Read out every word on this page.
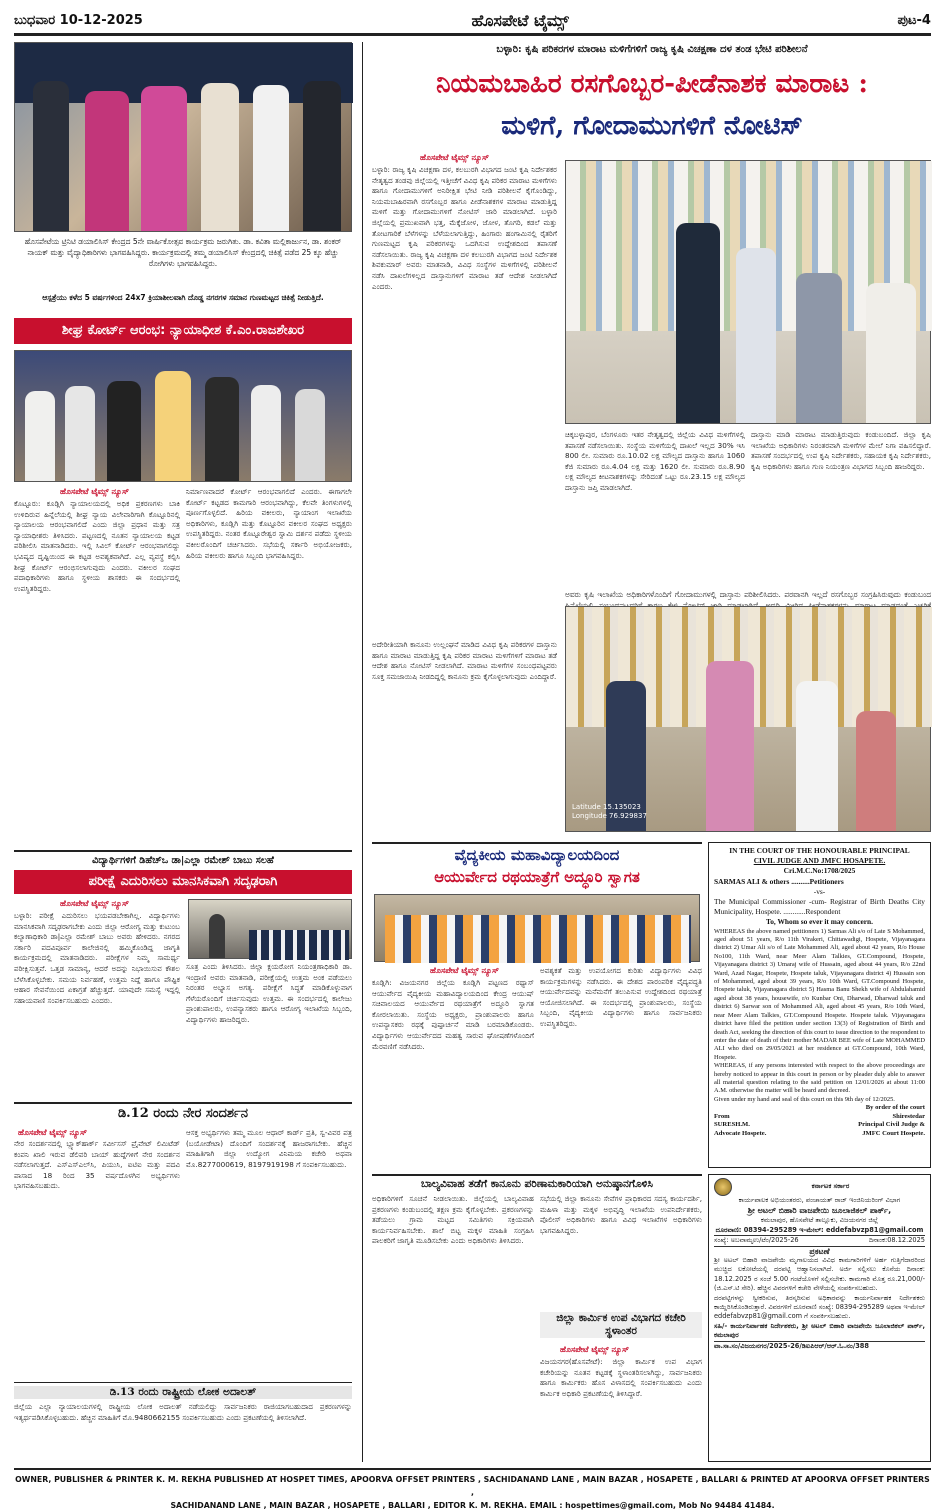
ಬುಧವಾರ 10-12-2025	ಹೊಸಪೇಟೆ ಟೈಮ್ಸ್	ಪುಟ-4
ಹೊಸಪೇಟೆಯ ಟ್ರಿನಿಟಿ ಡಯಾಲಿಸಿಸ್ ಕೇಂದ್ರದ 5ನೇ ವಾರ್ಷಿಕೋತ್ಸವ ಕಾರ್ಯಕ್ರಮ ಜರುಗಿತು. ಡಾ. ಕವಿತಾ ಮಲ್ಲಿಕಾರ್ಜುನ, ಡಾ. ಶಂಕರ್ ನಾಯಕ್ ಮತ್ತು ವೈದ್ಯಾಧಿಕಾರಿಗಳು ಭಾಗವಹಿಸಿದ್ದರು. ಕಾರ್ಯಕ್ರಮದಲ್ಲಿ ತಮ್ಮ ಡಯಾಲಿಸಿಸ್ ಕೇಂದ್ರದಲ್ಲಿ ಚಿಕಿತ್ಸೆ ಪಡೆದ 25 ಕ್ಕೂ ಹೆಚ್ಚು ರೋಗಿಗಳು ಭಾಗವಹಿಸಿದ್ದರು.
ಆಸ್ಪತ್ರೆಯು ಕಳೆದ 5 ವರ್ಷಗಳಿಂದ 24x7 ಕ್ರಿಯಾಶೀಲವಾಗಿ ದೊಡ್ಡ ನಗರಗಳ ಸಮಾನ ಗುಣಮಟ್ಟದ ಚಿಕಿತ್ಸೆ ನೀಡುತ್ತಿದೆ.
ಶೀಘ್ರ ಕೋರ್ಟ್ ಆರಂಭ: ನ್ಯಾಯಾಧೀಶ ಕೆ.ಎಂ.ರಾಜಶೇಖರ
ಹೊಸಪೇಟೆ ಟೈಮ್ಸ್ ನ್ಯೂಸ್
ಕೊಟ್ಟೂರು: ಕೂಡ್ಲಿಗಿ ನ್ಯಾಯಾಲಯದಲ್ಲಿ ಅಧಿಕ ಪ್ರಕರಣಗಳು ಬಾಕಿ ಉಳಿದಿರುವ ಹಿನ್ನೆಲೆಯಲ್ಲಿ ಶೀಘ್ರ ನ್ಯಾಯ ವಿಲೇವಾರಿಗಾಗಿ ಕೊಟ್ಟೂರಿನಲ್ಲಿ ನ್ಯಾಯಾಲಯ ಆರಂಭವಾಗಲಿದೆ ಎಂದು ಜಿಲ್ಲಾ ಪ್ರಧಾನ ಮತ್ತು ಸತ್ರ ನ್ಯಾಯಾಧೀಶರು ತಿಳಿಸಿದರು. ಪಟ್ಟಣದಲ್ಲಿ ನೂತನ ನ್ಯಾಯಾಲಯ ಕಟ್ಟಡ ಪರಿಶೀಲಿಸಿ ಮಾತನಾಡಿದರು. ಇಲ್ಲಿ ಸಿವಿಲ್ ಕೋರ್ಟ್ ಆರಂಭವಾಗಲಿದ್ದು ಭವಿಷ್ಯದ ದೃಷ್ಟಿಯಿಂದ ಈ ಕಟ್ಟಡ ಅವಶ್ಯಕವಾಗಿದೆ. ಎಲ್ಲ ವ್ಯವಸ್ಥೆ ಕಲ್ಪಿಸಿ ಶೀಘ್ರ ಕೋರ್ಟ್ ಆರಂಭಿಸಲಾಗುವುದು ಎಂದರು. ವಕೀಲರ ಸಂಘದ ಪದಾಧಿಕಾರಿಗಳು ಹಾಗೂ ಸ್ಥಳೀಯ ಶಾಸಕರು ಈ ಸಂದರ್ಭದಲ್ಲಿ ಉಪಸ್ಥಿತರಿದ್ದರು.
ನಿರ್ಮಾಣವಾದರೆ ಕೋರ್ಟ್ ಆರಂಭವಾಗಲಿದೆ ಎಂದರು. ಈಗಾಗಲೇ ಕೋರ್ಟ್ ಕಟ್ಟಡದ ಕಾಮಗಾರಿ ಆರಂಭವಾಗಿದ್ದು, ಕೆಲವೇ ತಿಂಗಳುಗಳಲ್ಲಿ ಪೂರ್ಣಗೊಳ್ಳಲಿದೆ. ಹಿರಿಯ ವಕೀಲರು, ನ್ಯಾಯಾಂಗ ಇಲಾಖೆಯ ಅಧಿಕಾರಿಗಳು, ಕೂಡ್ಲಿಗಿ ಮತ್ತು ಕೊಟ್ಟೂರಿನ ವಕೀಲರ ಸಂಘದ ಅಧ್ಯಕ್ಷರು ಉಪಸ್ಥಿತರಿದ್ದರು. ನಂತರ ಕೊಟ್ಟೂರೇಶ್ವರ ಸ್ವಾಮಿ ದರ್ಶನ ಪಡೆದು ಸ್ಥಳೀಯ ವಕೀಲರೊಂದಿಗೆ ಚರ್ಚಿಸಿದರು. ಸಭೆಯಲ್ಲಿ ಸರ್ಕಾರಿ ಅಭಿಯೋಜಕರು, ಹಿರಿಯ ವಕೀಲರು ಹಾಗೂ ಸಿಬ್ಬಂದಿ ಭಾಗವಹಿಸಿದ್ದರು.
ವಿದ್ಯಾರ್ಥಿಗಳಿಗೆ ಡಿಹೆಚ್‌ಒ ಡಾ|ಎಲ್ಲಾ ರಮೇಶ್ ಬಾಬು ಸಲಹೆ
ಪರೀಕ್ಷೆ ಎದುರಿಸಲು ಮಾನಸಿಕವಾಗಿ ಸದೃಢರಾಗಿ
ಹೊಸಪೇಟೆ ಟೈಮ್ಸ್ ನ್ಯೂಸ್
ಬಳ್ಳಾರಿ: ಪರೀಕ್ಷೆ ಎದುರಿಸಲು ಭಯಪಡಬೇಕಾಗಿಲ್ಲ. ವಿದ್ಯಾರ್ಥಿಗಳು ಮಾನಸಿಕವಾಗಿ ಸದೃಢರಾಗಬೇಕು ಎಂದು ಜಿಲ್ಲಾ ಆರೋಗ್ಯ ಮತ್ತು ಕುಟುಂಬ ಕಲ್ಯಾಣಾಧಿಕಾರಿ ಡಾ|ಎಲ್ಲಾ ರಮೇಶ್ ಬಾಬು ಅವರು ಹೇಳಿದರು. ನಗರದ ಸರ್ಕಾರಿ ಪದವಿಪೂರ್ವ ಕಾಲೇಜಿನಲ್ಲಿ ಹಮ್ಮಿಕೊಂಡಿದ್ದ ಜಾಗೃತಿ ಕಾರ್ಯಕ್ರಮದಲ್ಲಿ ಮಾತನಾಡಿದರು. ಪರೀಕ್ಷೆಗಳ ನಿಮ್ಮ ಸಾಮರ್ಥ್ಯ ಪರೀಕ್ಷಿಸುತ್ತವೆ. ಒತ್ತಡ ಸಾಮಾನ್ಯ, ಆದರೆ ಅದನ್ನು ನಿಭಾಯಿಸುವ ಕೌಶಲ ಬೆಳೆಸಿಕೊಳ್ಳಬೇಕು. ಸಮಯ ನಿರ್ವಹಣೆ, ಉತ್ತಮ ನಿದ್ದೆ ಹಾಗೂ ಪೌಷ್ಟಿಕ ಆಹಾರ ಸೇವನೆಯಿಂದ ಏಕಾಗ್ರತೆ ಹೆಚ್ಚುತ್ತದೆ. ಯಾವುದೇ ಸಮಸ್ಯೆ ಇದ್ದಲ್ಲಿ ಸಹಾಯವಾಣಿ ಸಂಪರ್ಕಿಸಬಹುದು ಎಂದರು.
ಸೂತ್ರ ಎಂದು ತಿಳಿಸಿದರು. ಜಿಲ್ಲಾ ಕ್ಷಯರೋಗ ನಿಯಂತ್ರಣಾಧಿಕಾರಿ ಡಾ. ಇಂದ್ರಾಣಿ ಅವರು ಮಾತನಾಡಿ, ಪರೀಕ್ಷೆಯಲ್ಲಿ ಉತ್ತಮ ಅಂಕ ಪಡೆಯಲು ನಿರಂತರ ಅಭ್ಯಾಸ ಅಗತ್ಯ. ಪರೀಕ್ಷೆಗೆ ಸಿದ್ಧತೆ ಮಾಡಿಕೊಳ್ಳುವಾಗ ಗೆಳೆಯರೊಂದಿಗೆ ಚರ್ಚಿಸುವುದು ಉತ್ತಮ. ಈ ಸಂದರ್ಭದಲ್ಲಿ ಕಾಲೇಜು ಪ್ರಾಂಶುಪಾಲರು, ಉಪನ್ಯಾಸಕರು ಹಾಗೂ ಆರೋಗ್ಯ ಇಲಾಖೆಯ ಸಿಬ್ಬಂದಿ, ವಿದ್ಯಾರ್ಥಿಗಳು ಹಾಜರಿದ್ದರು.
ಡಿ.12 ರಂದು ನೇರ ಸಂದರ್ಶನ
ಹೊಸಪೇಟೆ ಟೈಮ್ಸ್ ನ್ಯೂಸ್
ನೇರ ಸಂದರ್ಶನದಲ್ಲಿ ಬ್ಲ್ಯಾಕ್‌ಹಾರ್ಕ್ ಸರ್ವೀಸಸ್ ಪ್ರೈವೇಟ್ ಲಿಮಿಟೆಡ್ ಕಂಪನಿ ಖಾಲಿ ಇರುವ ಡೆಲಿವರಿ ಬಾಯ್ ಹುದ್ದೆಗಳಿಗೆ ನೇರ ಸಂದರ್ಶನ ನಡೆಸಲಾಗುತ್ತದೆ. ಎಸ್‌ಎಸ್‌ಎಲ್‌ಸಿ, ಪಿಯುಸಿ, ಐಟಿಐ ಮತ್ತು ಪದವಿ ಪಾಸಾದ 18 ರಿಂದ 35 ವರ್ಷದೊಳಗಿನ ಅಭ್ಯರ್ಥಿಗಳು ಭಾಗವಹಿಸಬಹುದು.
ಆಸಕ್ತ ಅಭ್ಯರ್ಥಿಗಳು ತಮ್ಮ ಮೂಲ ಆಧಾರ್ ಕಾರ್ಡ್ ಪ್ರತಿ, ಸ್ವ-ವಿವರ ಪತ್ರ (ಬಯೋಡೇಟಾ) ದೊಂದಿಗೆ ಸಂದರ್ಶನಕ್ಕೆ ಹಾಜರಾಗಬೇಕು. ಹೆಚ್ಚಿನ ಮಾಹಿತಿಗಾಗಿ ಜಿಲ್ಲಾ ಉದ್ಯೋಗ ವಿನಿಮಯ ಕಚೇರಿ ಅಥವಾ ಮೊ.8277000619, 8197919198 ಗೆ ಸಂಪರ್ಕಿಸಬಹುದು.
ಡಿ.13 ರಂದು ರಾಷ್ಟ್ರೀಯ ಲೋಕ ಅದಾಲತ್
ಜಿಲ್ಲೆಯ ಎಲ್ಲಾ ನ್ಯಾಯಾಲಯಗಳಲ್ಲಿ ರಾಷ್ಟ್ರೀಯ ಲೋಕ ಅದಾಲತ್ ನಡೆಯಲಿದ್ದು ಸಾರ್ವಜನಿಕರು ರಾಜಿಯಾಗಬಹುದಾದ ಪ್ರಕರಣಗಳನ್ನು ಇತ್ಯರ್ಥಪಡಿಸಿಕೊಳ್ಳಬಹುದು. ಹೆಚ್ಚಿನ ಮಾಹಿತಿಗೆ ಮೊ.9480662155 ಸಂಪರ್ಕಿಸಬಹುದು ಎಂದು ಪ್ರಕಟಣೆಯಲ್ಲಿ ತಿಳಿಸಲಾಗಿದೆ.
ಬಳ್ಳಾರಿ: ಕೃಷಿ ಪರಿಕರಗಳ ಮಾರಾಟ ಮಳಿಗೆಗಳಿಗೆ ರಾಜ್ಯ ಕೃಷಿ ವಿಚಕ್ಷಣಾ ದಳ ತಂಡ ಭೇಟಿ ಪರಿಶೀಲನೆ
ನಿಯಮಬಾಹಿರ ರಸಗೊಬ್ಬರ-ಪೀಡೆನಾಶಕ ಮಾರಾಟ :
ಮಳಿಗೆ, ಗೋದಾಮುಗಳಿಗೆ ನೋಟಿಸ್
ಹೊಸಪೇಟೆ ಟೈಮ್ಸ್ ನ್ಯೂಸ್
ಬಳ್ಳಾರಿ: ರಾಜ್ಯ ಕೃಷಿ ವಿಚಕ್ಷಣಾ ದಳ, ಕಲಬುರಗಿ ವಿಭಾಗದ ಜಂಟಿ ಕೃಷಿ ನಿರ್ದೇಶಕರ ನೇತೃತ್ವದ ತಂಡವು ಜಿಲ್ಲೆಯಲ್ಲಿ ಇತ್ತೀಚೆಗೆ ವಿವಿಧ ಕೃಷಿ ಪರಿಕರ ಮಾರಾಟ ಮಳಿಗೆಗಳು ಹಾಗೂ ಗೋದಾಮುಗಳಿಗೆ ಅನಿರೀಕ್ಷಿತ ಭೇಟಿ ನೀಡಿ ಪರಿಶೀಲನೆ ಕೈಗೊಂಡಿದ್ದು, ನಿಯಮಬಾಹಿರವಾಗಿ ರಸಗೊಬ್ಬರ ಹಾಗೂ ಪೀಡೆನಾಶಕಗಳ ಮಾರಾಟ ಮಾಡುತ್ತಿದ್ದ ಮಳಿಗೆ ಮತ್ತು ಗೋದಾಮುಗಳಿಗೆ ನೋಟಿಸ್ ಜಾರಿ ಮಾಡಲಾಗಿದೆ. ಬಳ್ಳಾರಿ ಜಿಲ್ಲೆಯಲ್ಲಿ ಪ್ರಮುಖವಾಗಿ ಭತ್ತ, ಮೆಕ್ಕೆಜೋಳ, ಜೋಳ, ತೊಗರಿ, ಕಡಲೆ ಮತ್ತು ತೋಟಗಾರಿಕೆ ಬೆಳೆಗಳನ್ನು ಬೆಳೆಯಲಾಗುತ್ತಿದ್ದು, ಹಿಂಗಾರು ಹಂಗಾಮಿನಲ್ಲಿ ರೈತರಿಗೆ ಗುಣಮಟ್ಟದ ಕೃಷಿ ಪರಿಕರಗಳನ್ನು ಒದಗಿಸುವ ಉದ್ದೇಶದಿಂದ ತಪಾಸಣೆ ನಡೆಸಲಾಯಿತು. ರಾಜ್ಯ ಕೃಷಿ ವಿಚಕ್ಷಣಾ ದಳ ಕಲಬುರಗಿ ವಿಭಾಗದ ಜಂಟಿ ನಿರ್ದೇಶಕ ಶಿವಕುಮಾರ್ ಅವರು ಮಾತನಾಡಿ, ವಿವಿಧ ಸಂಸ್ಥೆಗಳ ಮಳಿಗೆಗಳಲ್ಲಿ ಪರಿಶೀಲನೆ ನಡೆಸಿ ದಾಖಲೆಗಳಿಲ್ಲದ ದಾಸ್ತಾನುಗಳಿಗೆ ಮಾರಾಟ ತಡೆ ಆದೇಶ ನೀಡಲಾಗಿದೆ ಎಂದರು.
ಚಿಕ್ಕಬಳ್ಳಾಪುರ, ಬೆಂಗಳೂರು ಇತರ ನೇತೃತ್ವದಲ್ಲಿ ಜಿಲ್ಲೆಯ ವಿವಿಧ ಮಳಿಗೆಗಳಲ್ಲಿ ತಪಾಸಣೆ ನಡೆಸಲಾಯಿತು. ಸಂಸ್ಥೆಯ ಮಳಿಗೆಯಲ್ಲಿ ದಾಖಲೆ ಇಲ್ಲದ 30% ಇಸಿ 800 ಲೀ. ಸುಮಾರು ರೂ.10.02 ಲಕ್ಷ ಮೌಲ್ಯದ ದಾಸ್ತಾನು ಹಾಗೂ 1060 ಕೆಜಿ ಸುಮಾರು ರೂ.4.04 ಲಕ್ಷ ಮತ್ತು 1620 ಲೀ. ಸುಮಾರು ರೂ.8.90 ಲಕ್ಷ ಮೌಲ್ಯದ ಕೀಟನಾಶಕಗಳನ್ನು ಸೇರಿದಂತೆ ಒಟ್ಟು ರೂ.23.15 ಲಕ್ಷ ಮೌಲ್ಯದ ದಾಸ್ತಾನು ಜಪ್ತಿ ಮಾಡಲಾಗಿದೆ.
ದಾಸ್ತಾನು ಮಾಡಿ ಮಾರಾಟ ಮಾಡುತ್ತಿರುವುದು ಕಂಡುಬಂದಿದೆ. ಜಿಲ್ಲಾ ಕೃಷಿ ಇಲಾಖೆಯ ಅಧಿಕಾರಿಗಳು ನಿರಂತರವಾಗಿ ಮಳಿಗೆಗಳ ಮೇಲೆ ನಿಗಾ ವಹಿಸಲಿದ್ದಾರೆ. ತಪಾಸಣೆ ಸಂದರ್ಭದಲ್ಲಿ ಉಪ ಕೃಷಿ ನಿರ್ದೇಶಕರು, ಸಹಾಯಕ ಕೃಷಿ ನಿರ್ದೇಶಕರು, ಕೃಷಿ ಅಧಿಕಾರಿಗಳು ಹಾಗೂ ಗುಣ ನಿಯಂತ್ರಣ ವಿಭಾಗದ ಸಿಬ್ಬಂದಿ ಹಾಜರಿದ್ದರು.
ಅವರು ಕೃಷಿ ಇಲಾಖೆಯ ಅಧಿಕಾರಿಗಳೊಂದಿಗೆ ಗೋದಾಮುಗಳಲ್ಲಿ ದಾಸ್ತಾನು ಪರಿಶೀಲಿಸಿದರು. ಪರವಾನಗಿ ಇಲ್ಲದೆ ರಸಗೊಬ್ಬರ ಸಂಗ್ರಹಿಸಿರುವುದು ಕಂಡುಬಂದ
Latitude 15.135023 Longitude 76.929837
ಅದೇರೀತಿಯಾಗಿ ಕಾನೂನು ಉಲ್ಲಂಘನೆ ಮಾಡಿದ ವಿವಿಧ ಕೃಷಿ ಪರಿಕರಗಳ ದಾಸ್ತಾನು ಹಾಗೂ ಮಾರಾಟ ಮಾಡುತ್ತಿದ್ದ ಕೃಷಿ ಪರಿಕರ ಮಾರಾಟ ಮಳಿಗೆಗಳಿಗೆ ಮಾರಾಟ ತಡೆ ಆದೇಶ ಹಾಗೂ ನೋಟಿಸ್ ನೀಡಲಾಗಿದೆ. ಮಾರಾಟ ಮಳಿಗೆಗಳ ಸಂಬಂಧಪಟ್ಟವರು ಸೂಕ್ತ ಸಮಜಾಯಿಷಿ ನೀಡದಿದ್ದಲ್ಲಿ ಕಾನೂನು ಕ್ರಮ ಕೈಗೊಳ್ಳಲಾಗುವುದು ಎಂದಿದ್ದಾರೆ.
ವೈದ್ಯಕೀಯ ಮಹಾವಿದ್ಯಾಲಯದಿಂದ
ಆಯುರ್ವೇದ ರಥಯಾತ್ರೆಗೆ ಅದ್ಧೂರಿ ಸ್ವಾಗತ
ಹೊಸಪೇಟೆ ಟೈಮ್ಸ್ ನ್ಯೂಸ್
ಕೂಡ್ಲಿಗಿ: ವಿಜಯನಗರ ಜಿಲ್ಲೆಯ ಕೂಡ್ಲಿಗಿ ಪಟ್ಟಣದ ರಥ್ಯಾಸ್ ಆಯುರ್ವೇದ ವೈದ್ಯಕೀಯ ಮಹಾವಿದ್ಯಾಲಯದಿಂದ ಕೇಂದ್ರ ಆಯುಷ್ ಸಚಿವಾಲಯದ ಆಯುರ್ವೇದ ರಥಯಾತ್ರೆಗೆ ಅದ್ಧೂರಿ ಸ್ವಾಗತ ಕೋರಲಾಯಿತು. ಸಂಸ್ಥೆಯ ಅಧ್ಯಕ್ಷರು, ಪ್ರಾಂಶುಪಾಲರು ಹಾಗೂ ಉಪನ್ಯಾಸಕರು ರಥಕ್ಕೆ ಪುಷ್ಪಾರ್ಚನೆ ಮಾಡಿ ಬರಮಾಡಿಕೊಂಡರು. ವಿದ್ಯಾರ್ಥಿಗಳು ಆಯುರ್ವೇದದ ಮಹತ್ವ ಸಾರುವ ಘೋಷಣೆಗಳೊಂದಿಗೆ ಮೆರವಣಿಗೆ ನಡೆಸಿದರು.
ಅವಶ್ಯಕತೆ ಮತ್ತು ಉಪಯೋಗದ ಕುರಿತು ವಿದ್ಯಾರ್ಥಿಗಳು ವಿವಿಧ ಕಾರ್ಯಕ್ರಮಗಳನ್ನು ನಡೆಸಿದರು. ಈ ದೇಶದ ಪಾರಂಪರಿಕ ವೈದ್ಯಪದ್ಧತಿ ಆಯುರ್ವೇದವನ್ನು ಮನೆಮನೆಗೆ ತಲುಪಿಸುವ ಉದ್ದೇಶದಿಂದ ರಥಯಾತ್ರೆ ಆಯೋಜಿಸಲಾಗಿದೆ. ಈ ಸಂದರ್ಭದಲ್ಲಿ ಪ್ರಾಂಶುಪಾಲರು, ಸಂಸ್ಥೆಯ ಸಿಬ್ಬಂದಿ, ವೈದ್ಯಕೀಯ ವಿದ್ಯಾರ್ಥಿಗಳು ಹಾಗೂ ಸಾರ್ವಜನಿಕರು ಉಪಸ್ಥಿತರಿದ್ದರು.
IN THE COURT OF THE HONOURABLE PRINCIPAL
CIVIL JUDGE AND JMFC HOSAPETE.
Cri.M.C.No:1708/2025
SARMAS ALI & others ..........Petitioners
-vs-
The Municipal Commissioner -cum- Registrar of Birth Deaths City Municipality, Hospete. ............Respondent
To, Whom so ever it may concern.
WHEREAS the above named petitioners 1) Sarmas Ali s/o of Late S Mohammed, aged about 51 years, R/o 11th Virakeri, Chittawadigi, Hospete, Vijayanagara district 2) Umar Ali s/o of Late Mohammed Ali, aged about 42 years, R/o House No100, 11th Ward, near Meer Alam Talkies, GT.Compound, Hospete, Vijayanagara district 3) Umaraj wife of Hussain, aged about 44 years, R/o 22nd Ward, Azad Nagar, Hospete, Hospete taluk, Vijayanagara district 4) Hussain son of Mohammed, aged about 39 years, R/o 10th Ward, GT.Compound Hospete, Hospete taluk, Vijayanagara district 5) Hasma Banu Shekh wife of Abdulahamid aged about 38 years, housewife, r/o Kunbar Oni, Dharwad, Dharwad taluk and district 6) Sarwar son of Mohammed Ali, aged about 45 years, R/o 10th Ward, near Meer Alam Talkies, GT.Compound Hospete. Hospete taluk. Vijayanagara district have filed the petition under section 13(3) of Registration of Birth and death Act, seeking the direction of this court to issue direction to the respondent to enter the date of death of their mother MADAR BEE wife of Late MOHAMMED ALI who died on 29/05/2021 at her residence at GT.Compound, 10th Ward, Hospete.
WHEREAS, if any persons interested with respect to the above proceedings are hereby noticed to appear in this court in person or by pleader duly able to answer all material question relating to the said petition on 12/01/2026 at about 11:00 A.M. otherwise the matter will be heard and decreed.
Given under my hand and seal of this court on this 9th day of 12/2025.
By order of the court
From
SURESH.M.
Advocate Hospete.
Shirestedar
Principal Civil Judge &
JMFC Court Hospete.
ಬಾಲ್ಯವಿವಾಹ ತಡೆಗೆ ಕಾನೂನು ಪರಿಣಾಮಕಾರಿಯಾಗಿ ಅನುಷ್ಠಾನಗೊಳಿಸಿ
ಅಧಿಕಾರಿಗಳಿಗೆ ಸೂಚನೆ ನೀಡಲಾಯಿತು. ಜಿಲ್ಲೆಯಲ್ಲಿ ಬಾಲ್ಯವಿವಾಹ ಪ್ರಕರಣಗಳು ಕಂಡುಬಂದಲ್ಲಿ ತಕ್ಷಣ ಕ್ರಮ ಕೈಗೊಳ್ಳಬೇಕು. ಪ್ರಕರಣಗಳನ್ನು ತಡೆಯಲು ಗ್ರಾಮ ಮಟ್ಟದ ಸಮಿತಿಗಳು ಸಕ್ರಿಯವಾಗಿ ಕಾರ್ಯನಿರ್ವಹಿಸಬೇಕು. ಶಾಲೆ ಬಿಟ್ಟ ಮಕ್ಕಳ ಮಾಹಿತಿ ಸಂಗ್ರಹಿಸಿ ಪಾಲಕರಿಗೆ ಜಾಗೃತಿ ಮೂಡಿಸಬೇಕು ಎಂದು ಅಧಿಕಾರಿಗಳು ತಿಳಿಸಿದರು.
ಸಭೆಯಲ್ಲಿ ಜಿಲ್ಲಾ ಕಾನೂನು ಸೇವೆಗಳ ಪ್ರಾಧಿಕಾರದ ಸದಸ್ಯ ಕಾರ್ಯದರ್ಶಿ, ಮಹಿಳಾ ಮತ್ತು ಮಕ್ಕಳ ಅಭಿವೃದ್ಧಿ ಇಲಾಖೆಯ ಉಪನಿರ್ದೇಶಕರು, ಪೊಲೀಸ್ ಅಧಿಕಾರಿಗಳು ಹಾಗೂ ವಿವಿಧ ಇಲಾಖೆಗಳ ಅಧಿಕಾರಿಗಳು ಭಾಗವಹಿಸಿದ್ದರು.
ಜಿಲ್ಲಾ ಕಾರ್ಮಿಕ ಉಪ ವಿಭಾಗದ ಕಚೇರಿ ಸ್ಥಳಾಂತರ
ಹೊಸಪೇಟೆ ಟೈಮ್ಸ್ ನ್ಯೂಸ್
ವಿಜಯನಗರ(ಹೊಸಪೇಟೆ): ಜಿಲ್ಲಾ ಕಾರ್ಮಿಕ ಉಪ ವಿಭಾಗ ಕಚೇರಿಯನ್ನು ನೂತನ ಕಟ್ಟಡಕ್ಕೆ ಸ್ಥಳಾಂತರಿಸಲಾಗಿದ್ದು, ಸಾರ್ವಜನಿಕರು ಹಾಗೂ ಕಾರ್ಮಿಕರು ಹೊಸ ವಿಳಾಸದಲ್ಲಿ ಸಂಪರ್ಕಿಸಬಹುದು ಎಂದು ಕಾರ್ಮಿಕ ಅಧಿಕಾರಿ ಪ್ರಕಟಣೆಯಲ್ಲಿ ತಿಳಿಸಿದ್ದಾರೆ.
ಕರ್ನಾಟಕ ಸರ್ಕಾರ
ಕಾರ್ಯಪಾಲಕ ಅಭಿಯಂತರರು, ಪಂಚಾಯತ್ ರಾಜ್ ಇಂಜಿನಿಯರಿಂಗ್ ವಿಭಾಗ
ಶ್ರೀ ಅಟಲ್ ಬಿಹಾರಿ ವಾಜಪೇಯಿ ಜೂಲಾಜಿಕಲ್ ಪಾರ್ಕ್,
ಕಮಲಾಪುರ, ಹೊಸಪೇಟೆ ತಾಲ್ಲೂಕು, ವಿಜಯನಗರ ಜಿಲ್ಲೆ
ದೂರವಾಣಿ: 08394-295289 ಇ-ಮೇಲ್: eddefabvzp81@gmail.com
ಸಂಖ್ಯೆ: ಅಬವಾಮೃಉ/ಟೆಂ/2025-26	ದಿನಾಂಕ:08.12.2025
ಪ್ರಕಟಣೆ
ಶ್ರೀ ಅಟಲ್ ಬಿಹಾರಿ ವಾಜಪೇಯಿ ಮೃಗಾಲಯದ ವಿವಿಧ ಕಾಮಗಾರಿಗಳಿಗೆ ಅರ್ಹ ಗುತ್ತಿಗೆದಾರರಿಂದ ಮುಚ್ಚಿದ ಲಕೋಟೆಯಲ್ಲಿ ದರಪಟ್ಟಿ ಆಹ್ವಾನಿಸಲಾಗಿದೆ. ಅರ್ಜಿ ಸಲ್ಲಿಸಲು ಕೊನೆಯ ದಿನಾಂಕ: 18.12.2025 ರ ಸಂಜೆ 5.00 ಗಂಟೆಯೊಳಗೆ ಸಲ್ಲಿಸಬೇಕು. ಕಾಮಗಾರಿ ಮೊತ್ತ ರೂ.21,000/- (ಜಿ.ಎಸ್.ಟಿ ಸೇರಿ). ಹೆಚ್ಚಿನ ವಿವರಗಳಿಗೆ ಕಚೇರಿ ವೇಳೆಯಲ್ಲಿ ಸಂಪರ್ಕಿಸಬಹುದು.
ದರಪಟ್ಟಿಗಳನ್ನು ಸ್ವೀಕರಿಸುವ, ತಿರಸ್ಕರಿಸುವ ಅಧಿಕಾರವನ್ನು ಕಾರ್ಯನಿರ್ವಾಹಕ ನಿರ್ದೇಶಕರು ಕಾಯ್ದಿರಿಸಿಕೊಂಡಿರುತ್ತಾರೆ. ವಿವರಗಳಿಗೆ ದೂರವಾಣಿ ಸಂಖ್ಯೆ: 08394-295289 ಅಥವಾ ಇ-ಮೇಲ್ eddefabvzp81@gmail.com ಗೆ ಸಂಪರ್ಕಿಸಬಹುದು.
ಸಹಿ/- ಕಾರ್ಯನಿರ್ವಾಹಕ ನಿರ್ದೇಶಕರು, ಶ್ರೀ ಅಟಲ್ ಬಿಹಾರಿ ವಾಜಪೇಯಿ ಜೂಲಾಜಿಕಲ್ ಪಾರ್ಕ್, ಕಮಲಾಪುರ
ವಾ.ಸಾ.ಸಂ/ವಿಜಯನಗರ/2025-26/ಡಿಐಪಿಆರ್/ಆರ್.ಓ.ನಂ/388
OWNER, PUBLISHER & PRINTER K. M. REKHA PUBLISHED AT HOSPET TIMES, APOORVA OFFSET PRINTERS , SACHIDANAND LANE , MAIN BAZAR , HOSAPETE , BALLARI & PRINTED AT APOORVA OFFSET PRINTERS ,
SACHIDANAND LANE , MAIN BAZAR , HOSAPETE , BALLARI , EDITOR K. M. REKHA. EMAIL : hospettimes@gmail.com, Mob No 94484 41484.
